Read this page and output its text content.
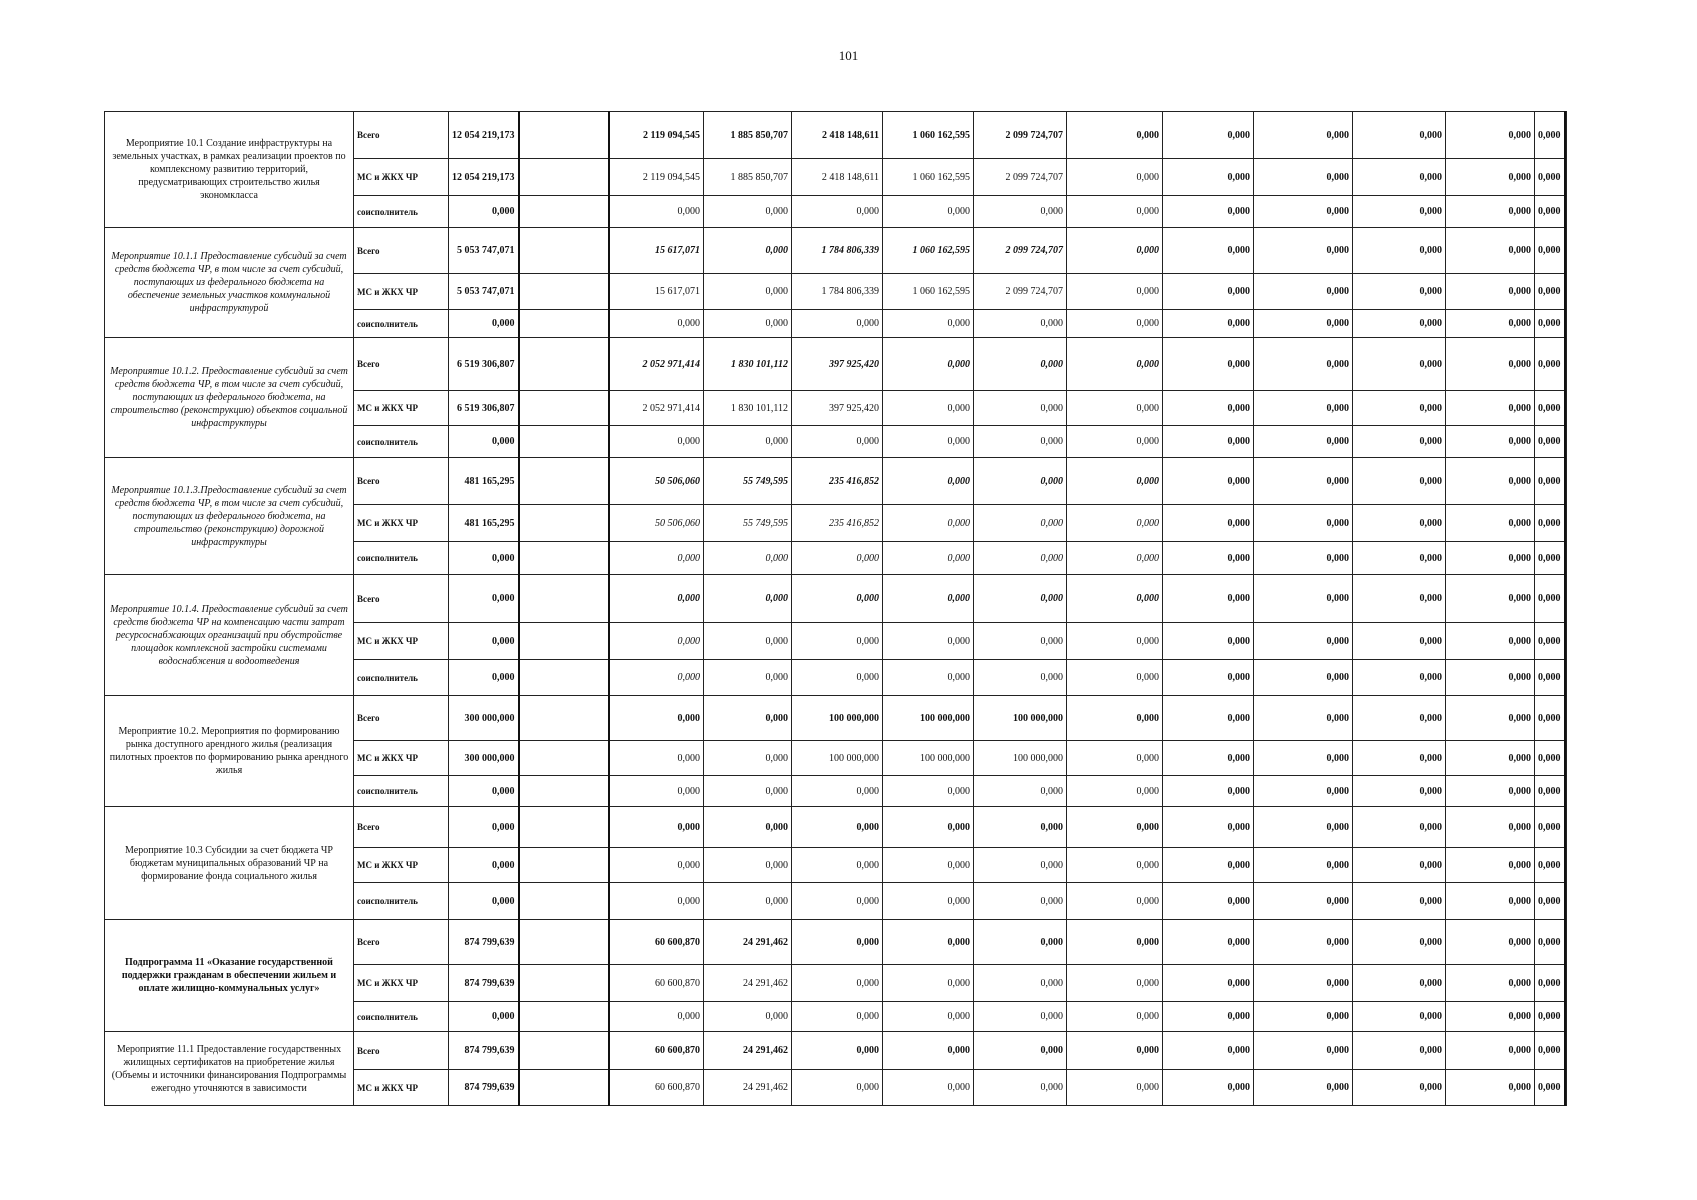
101
Мероприятие 10.1 Создание инфраструктуры на земельных участках, в рамках реализации проектов по комплексному развитию территорий, предусматривающих строительство жилья экономкласса	Всего	12 054 219,173		2 119 094,545	1 885 850,707	2 418 148,611	1 060 162,595	2 099 724,707	0,000	0,000	0,000	0,000	0,000	0,000	
	МС и ЖКХ ЧР	12 054 219,173		2 119 094,545	1 885 850,707	2 418 148,611	1 060 162,595	2 099 724,707	0,000	0,000	0,000	0,000	0,000	0,000	
	соисполнитель	0,000		0,000	0,000	0,000	0,000	0,000	0,000	0,000	0,000	0,000	0,000	0,000	
Мероприятие 10.1.1 Предоставление субсидий за счет средств бюджета ЧР, в том числе за счет субсидий, поступающих из федерального бюджета на обеспечение земельных участков коммунальной инфраструктурой	Всего	5 053 747,071		15 617,071	0,000	1 784 806,339	1 060 162,595	2 099 724,707	0,000	0,000	0,000	0,000	0,000	0,000	
	МС и ЖКХ ЧР	5 053 747,071		15 617,071	0,000	1 784 806,339	1 060 162,595	2 099 724,707	0,000	0,000	0,000	0,000	0,000	0,000	
	соисполнитель	0,000		0,000	0,000	0,000	0,000	0,000	0,000	0,000	0,000	0,000	0,000	0,000	
Мероприятие 10.1.2. Предоставление субсидий за счет средств бюджета ЧР, в том числе за счет субсидий, поступающих из федерального бюджета, на строительство (реконструкцию) объектов социальной инфраструктуры	Всего	6 519 306,807		2 052 971,414	1 830 101,112	397 925,420	0,000	0,000	0,000	0,000	0,000	0,000	0,000	0,000	
	МС и ЖКХ ЧР	6 519 306,807		2 052 971,414	1 830 101,112	397 925,420	0,000	0,000	0,000	0,000	0,000	0,000	0,000	0,000	
	соисполнитель	0,000		0,000	0,000	0,000	0,000	0,000	0,000	0,000	0,000	0,000	0,000	0,000	
Мероприятие 10.1.3.Предоставление субсидий за счет средств бюджета ЧР, в том числе за счет субсидий, поступающих из федерального бюджета, на строительство (реконструкцию) дорожной инфраструктуры	Всего	481 165,295		50 506,060	55 749,595	235 416,852	0,000	0,000	0,000	0,000	0,000	0,000	0,000	0,000	
	МС и ЖКХ ЧР	481 165,295		50 506,060	55 749,595	235 416,852	0,000	0,000	0,000	0,000	0,000	0,000	0,000	0,000	
	соисполнитель	0,000		0,000	0,000	0,000	0,000	0,000	0,000	0,000	0,000	0,000	0,000	0,000	
Мероприятие 10.1.4. Предоставление субсидий за счет средств бюджета ЧР на компенсацию части затрат ресурсоснабжающих организаций при обустройстве площадок комплексной застройки системами водоснабжения и водоотведения	Всего	0,000		0,000	0,000	0,000	0,000	0,000	0,000	0,000	0,000	0,000	0,000	0,000	
	МС и ЖКХ ЧР	0,000		0,000	0,000	0,000	0,000	0,000	0,000	0,000	0,000	0,000	0,000	0,000	
	соисполнитель	0,000		0,000	0,000	0,000	0,000	0,000	0,000	0,000	0,000	0,000	0,000	0,000	
Мероприятие 10.2. Мероприятия по формированию рынка доступного арендного жилья (реализация пилотных проектов по формированию рынка арендного жилья	Всего	300 000,000		0,000	0,000	100 000,000	100 000,000	100 000,000	0,000	0,000	0,000	0,000	0,000	0,000	
	МС и ЖКХ ЧР	300 000,000		0,000	0,000	100 000,000	100 000,000	100 000,000	0,000	0,000	0,000	0,000	0,000	0,000	
	соисполнитель	0,000		0,000	0,000	0,000	0,000	0,000	0,000	0,000	0,000	0,000	0,000	0,000	
Мероприятие 10.3 Субсидии за счет бюджета ЧР бюджетам муниципальных образований ЧР на формирование фонда социального жилья	Всего	0,000		0,000	0,000	0,000	0,000	0,000	0,000	0,000	0,000	0,000	0,000	0,000	
	МС и ЖКХ ЧР	0,000		0,000	0,000	0,000	0,000	0,000	0,000	0,000	0,000	0,000	0,000	0,000	
	соисполнитель	0,000		0,000	0,000	0,000	0,000	0,000	0,000	0,000	0,000	0,000	0,000	0,000	
Подпрограмма 11 «Оказание государственной поддержки гражданам в обеспечении жильем и оплате жилищно-коммунальных услуг»	Всего	874 799,639		60 600,870	24 291,462	0,000	0,000	0,000	0,000	0,000	0,000	0,000	0,000	0,000	
	МС и ЖКХ ЧР	874 799,639		60 600,870	24 291,462	0,000	0,000	0,000	0,000	0,000	0,000	0,000	0,000	0,000	
	соисполнитель	0,000		0,000	0,000	0,000	0,000	0,000	0,000	0,000	0,000	0,000	0,000	0,000	
Мероприятие 11.1 Предоставление государственных жилищных сертификатов на приобретение жилья (Объемы и источники финансирования Подпрограммы ежегодно уточняются в зависимости	Всего	874 799,639		60 600,870	24 291,462	0,000	0,000	0,000	0,000	0,000	0,000	0,000	0,000	0,000	
	МС и ЖКХ ЧР	874 799,639		60 600,870	24 291,462	0,000	0,000	0,000	0,000	0,000	0,000	0,000	0,000	0,000	
